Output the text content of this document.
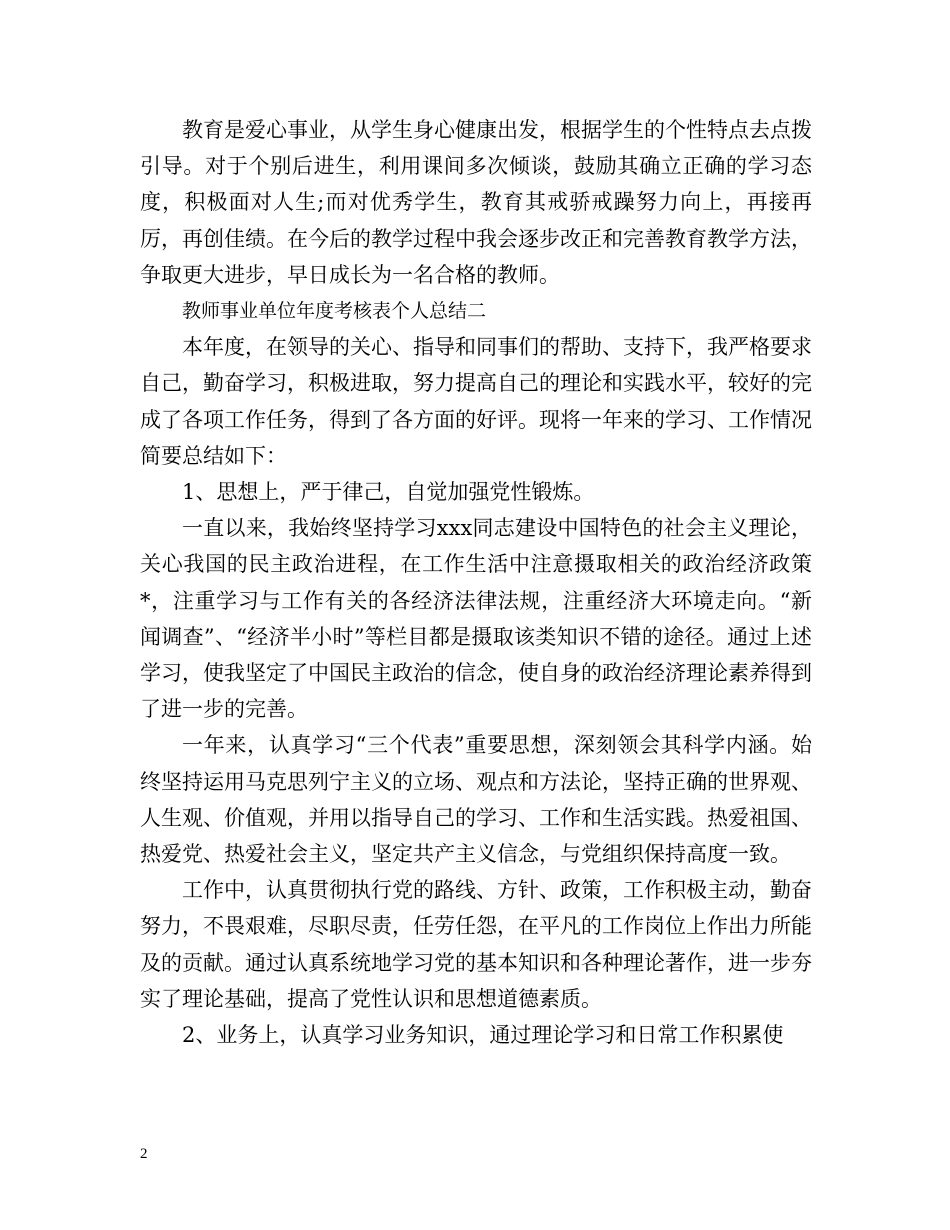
教育是爱心事业，从学生身心健康出发，根据学生的个性特点去点拨引导。对于个别后进生，利用课间多次倾谈，鼓励其确立正确的学习态度，积极面对人生;而对优秀学生，教育其戒骄戒躁努力向上，再接再厉，再创佳绩。在今后的教学过程中我会逐步改正和完善教育教学方法，争取更大进步，早日成长为一名合格的教师。

教师事业单位年度考核表个人总结二

本年度，在领导的关心、指导和同事们的帮助、支持下，我严格要求自己，勤奋学习，积极进取，努力提高自己的理论和实践水平，较好的完成了各项工作任务，得到了各方面的好评。现将一年来的学习、工作情况简要总结如下：

1、思想上，严于律己，自觉加强党性锻炼。

一直以来，我始终坚持学习xxx同志建设中国特色的社会主义理论，关心我国的民主政治进程，在工作生活中注意摄取相关的政治经济政策*，注重学习与工作有关的各经济法律法规，注重经济大环境走向。“新闻调查”、“经济半小时”等栏目都是摄取该类知识不错的途径。通过上述学习，使我坚定了中国民主政治的信念，使自身的政治经济理论素养得到了进一步的完善。

一年来，认真学习“三个代表”重要思想，深刻领会其科学内涵。始终坚持运用马克思列宁主义的立场、观点和方法论，坚持正确的世界观、人生观、价值观，并用以指导自己的学习、工作和生活实践。热爱祖国、热爱党、热爱社会主义，坚定共产主义信念，与党组织保持高度一致。

工作中，认真贯彻执行党的路线、方针、政策，工作积极主动，勤奋努力，不畏艰难，尽职尽责，任劳任怨，在平凡的工作岗位上作出力所能及的贡献。通过认真系统地学习党的基本知识和各种理论著作，进一步夯实了理论基础，提高了党性认识和思想道德素质。

2、业务上，认真学习业务知识，通过理论学习和日常工作积累使

2
